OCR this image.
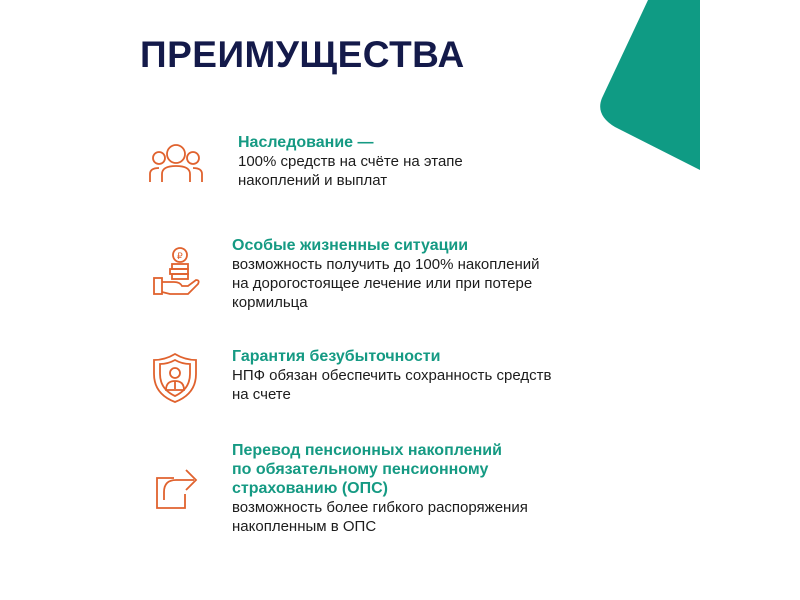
ПРЕИМУЩЕСТВА
Наследование —
100% средств на счёте на этапе
накоплений и выплат
₽
Особые жизненные ситуации
возможность получить до 100% накоплений
на дорогостоящее лечение или при потере
кормильца
Гарантия безубыточности
НПФ обязан обеспечить сохранность средств
на счете
Перевод пенсионных накоплений
по обязательному пенсионному
страхованию (ОПС)
возможность более гибкого распоряжения
накопленным в ОПС
